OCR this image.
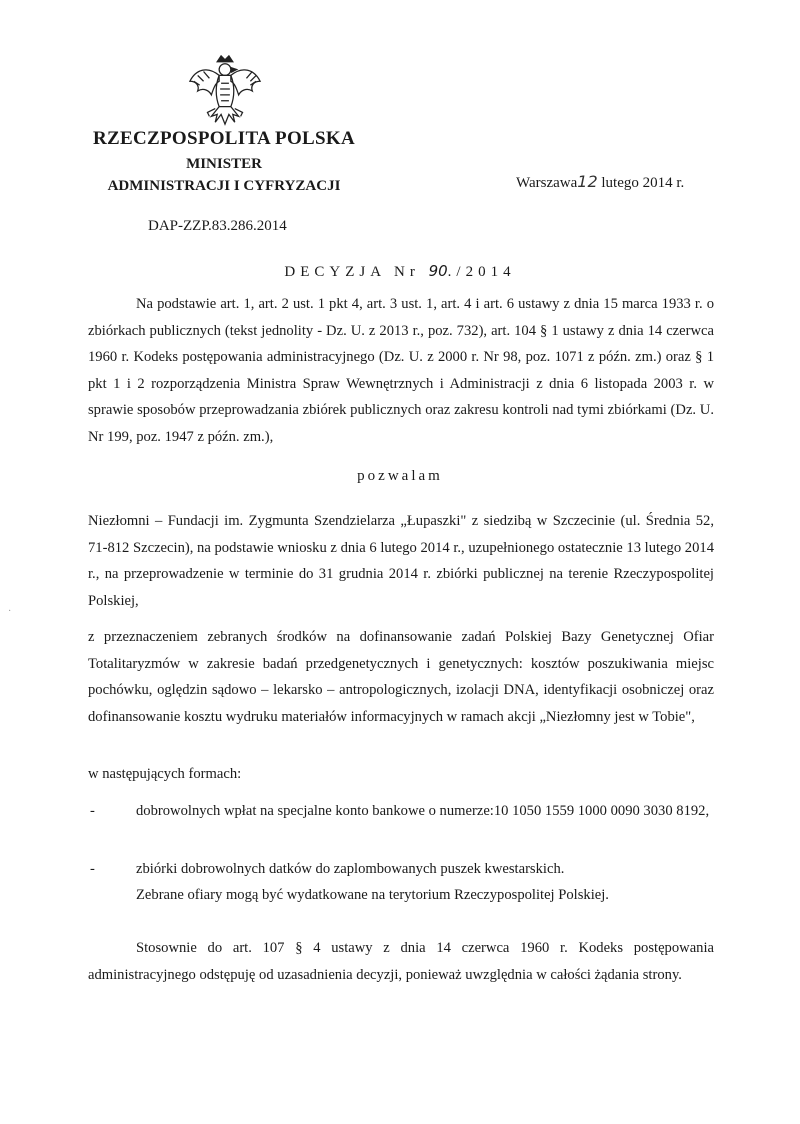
RZECZPOSPOLITA POLSKA
MINISTER
ADMINISTRACJI I CYFRYZACJI	Warszawa12 lutego 2014 r.
DAP-ZZP.83.286.2014
DECYZJA Nr 90./2014
Na podstawie art. 1, art. 2 ust. 1 pkt 4, art. 3 ust. 1, art. 4 i art. 6 ustawy z dnia 15 marca 1933 r. o zbiórkach publicznych (tekst jednolity - Dz. U. z 2013 r., poz. 732), art. 104 § 1 ustawy z dnia 14 czerwca 1960 r. Kodeks postępowania administracyjnego (Dz. U. z 2000 r. Nr 98, poz. 1071 z późn. zm.) oraz § 1 pkt 1 i 2 rozporządzenia Ministra Spraw Wewnętrznych i Administracji z dnia 6 listopada 2003 r. w sprawie sposobów przeprowadzania zbiórek publicznych oraz zakresu kontroli nad tymi zbiórkami (Dz. U. Nr 199, poz. 1947 z późn. zm.),
pozwalam
Niezłomni – Fundacji im. Zygmunta Szendzielarza „Łupaszki" z siedzibą w Szczecinie (ul. Średnia 52, 71-812 Szczecin), na podstawie wniosku z dnia 6 lutego 2014 r., uzupełnionego ostatecznie 13 lutego 2014 r., na przeprowadzenie w terminie do 31 grudnia 2014 r. zbiórki publicznej na terenie Rzeczypospolitej Polskiej,
z przeznaczeniem zebranych środków na dofinansowanie zadań Polskiej Bazy Genetycznej Ofiar Totalitaryzmów w zakresie badań przedgenetycznych i genetycznych: kosztów poszukiwania miejsc pochówku, oględzin sądowo – lekarsko – antropologicznych, izolacji DNA, identyfikacji osobniczej oraz dofinansowanie kosztu wydruku materiałów informacyjnych w ramach akcji „Niezłomny jest w Tobie",
w następujących formach:
-	dobrowolnych wpłat na specjalne konto bankowe o numerze:10 1050 1559 1000 0090 3030 8192,
-	zbiórki dobrowolnych datków do zaplombowanych puszek kwestarskich.
Zebrane ofiary mogą być wydatkowane na terytorium Rzeczypospolitej Polskiej.
Stosownie do art. 107 § 4 ustawy z dnia 14 czerwca 1960 r. Kodeks postępowania administracyjnego odstępuję od uzasadnienia decyzji, ponieważ uwzględnia w całości żądania strony.
·
